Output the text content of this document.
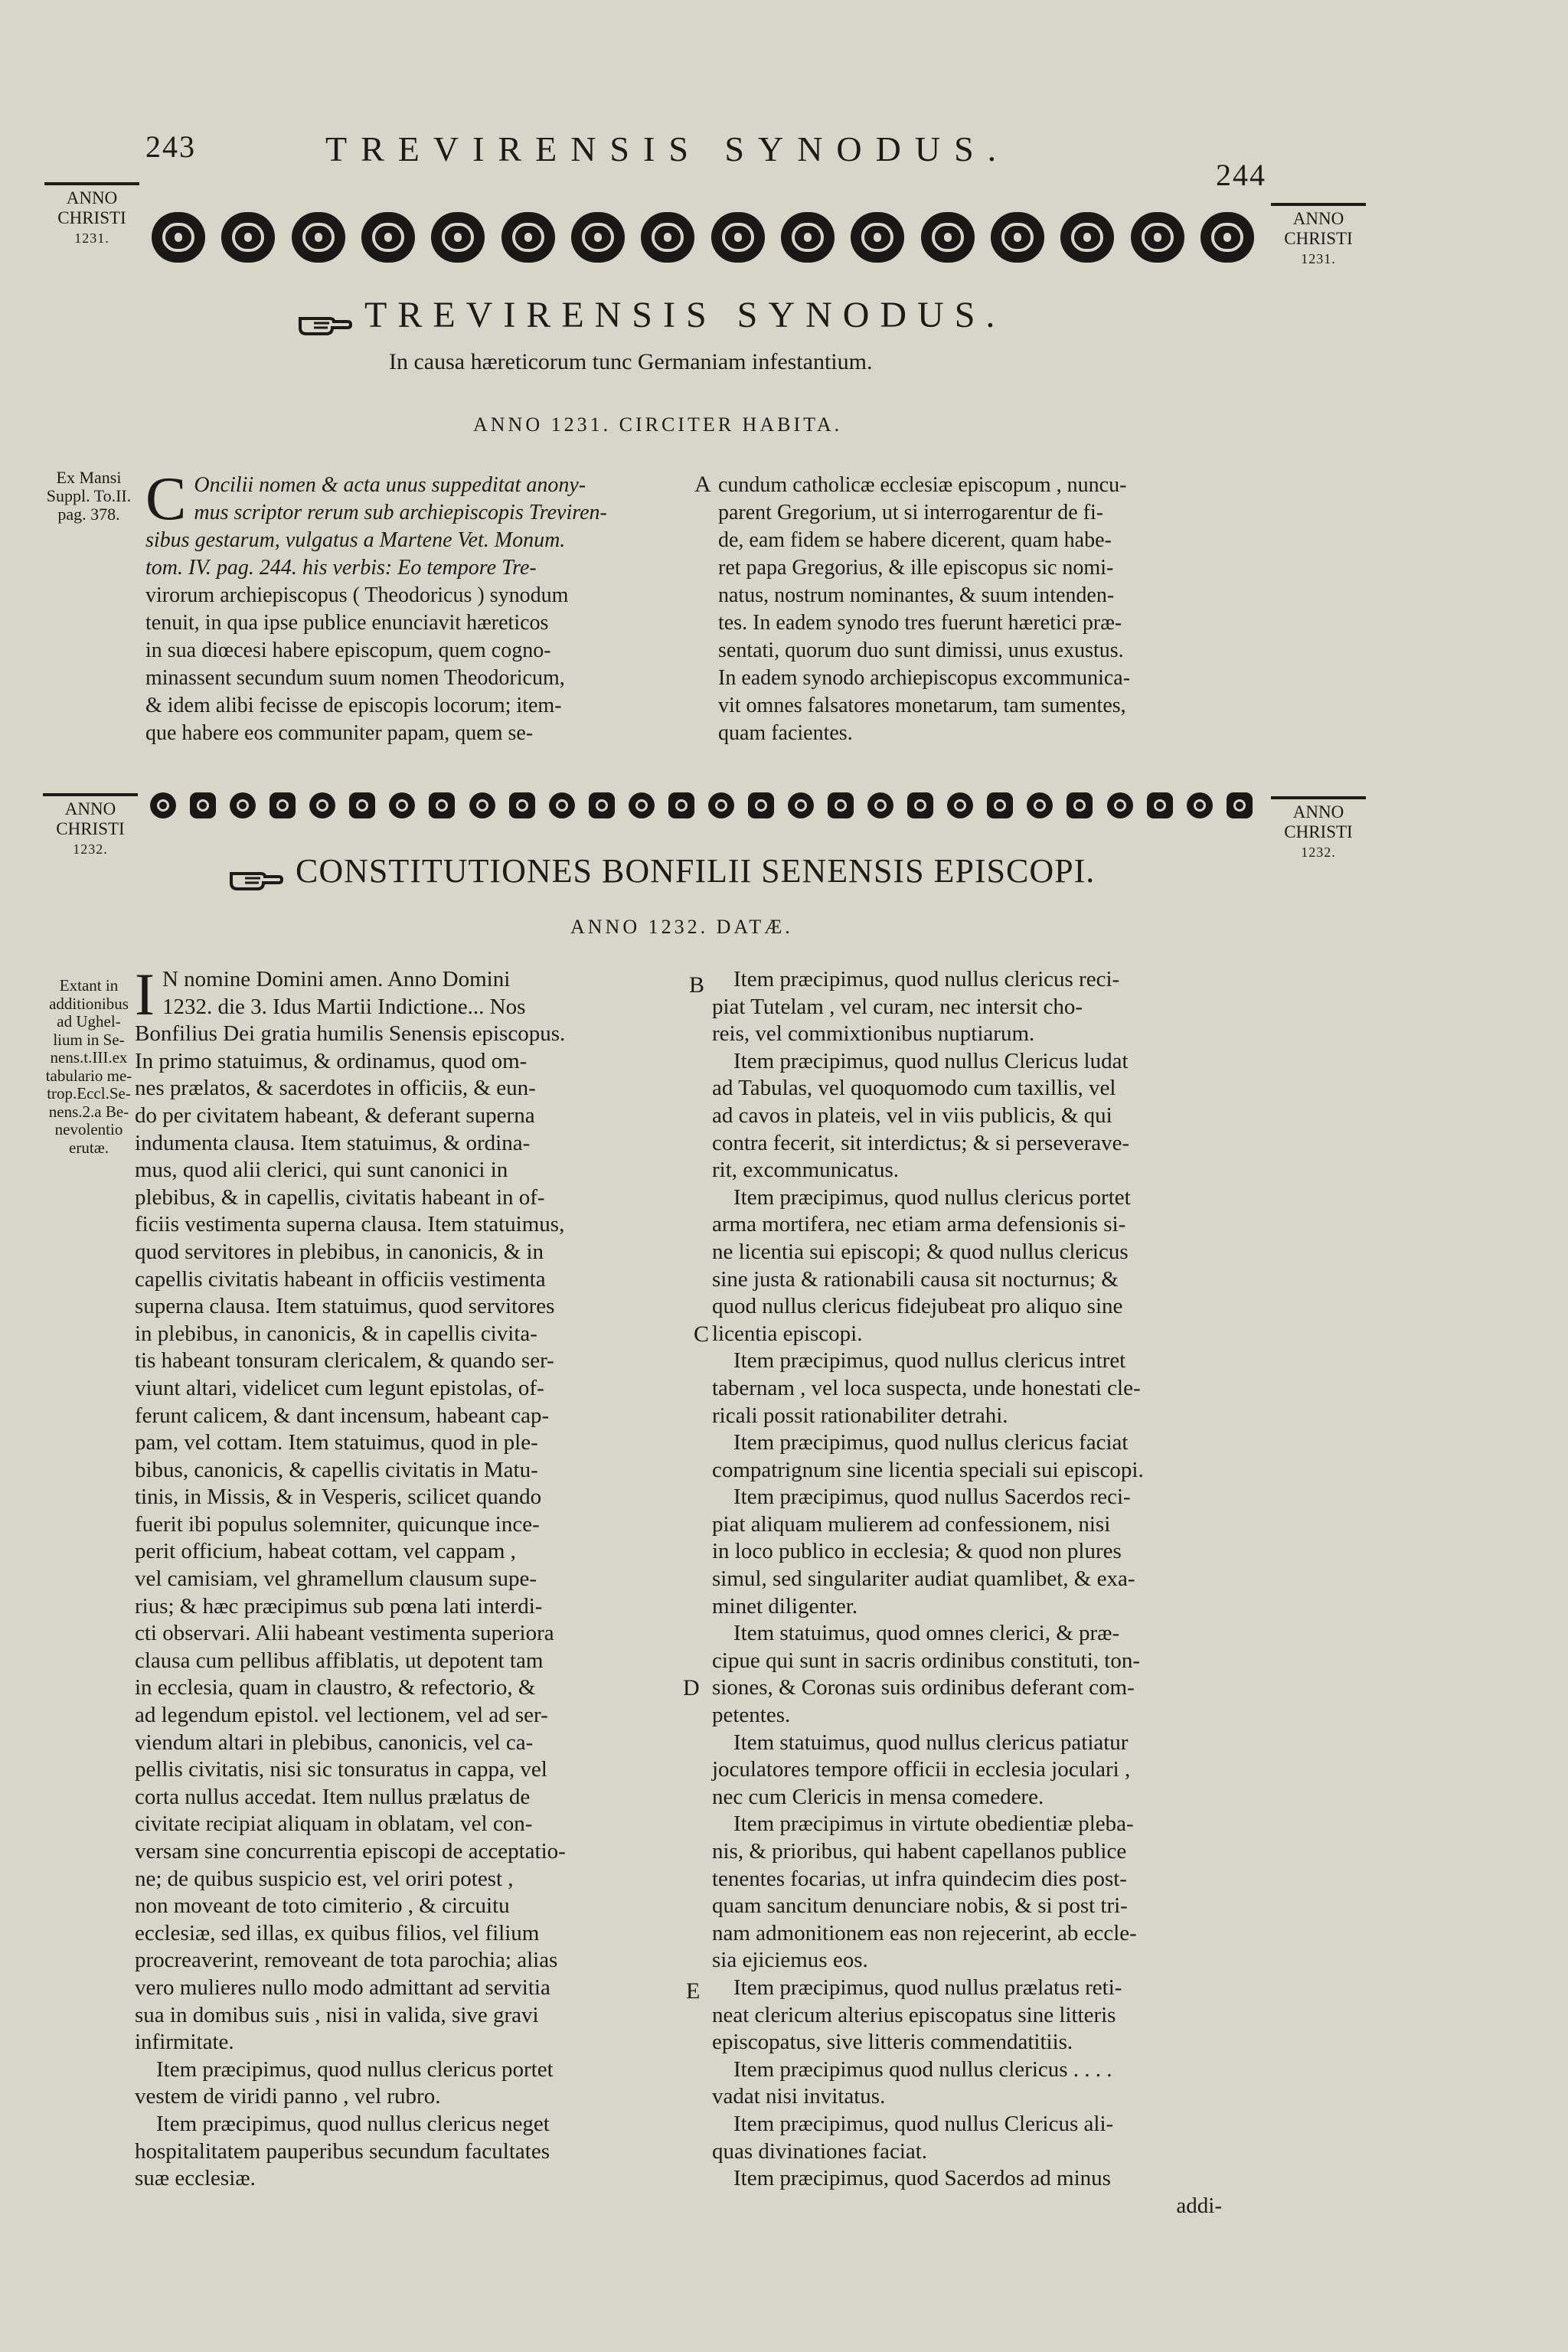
243	TREVIRENSIS SYNODUS.
244
ANNO
CHRISTI
1231.
ANNO
CHRISTI
1231.
TREVIRENSIS SYNODUS.
In causa hæreticorum tunc Germaniam infestantium.
ANNO 1231. CIRCITER HABITA.
Ex Mansi
Suppl. To.II.
pag. 378. C Oncilii nomen & acta unus suppeditat anony-
mus scriptor rerum sub archiepiscopis Treviren-
sibus gestarum, vulgatus a Martene Vet. Monum.
tom. IV. pag. 244. his verbis: Eo tempore Tre-
virorum archiepiscopus ( Theodoricus ) synodum
tenuit, in qua ipse publice enunciavit hæreticos
in sua diœcesi habere episcopum, quem cogno-
minassent secundum suum nomen Theodoricum,
& idem alibi fecisse de episcopis locorum; item-
que habere eos communiter papam, quem se-
A cundum catholicæ ecclesiæ episcopum , nuncu-
parent Gregorium, ut si interrogarentur de fi-
de, eam fidem se habere dicerent, quam habe-
ret papa Gregorius, & ille episcopus sic nomi-
natus, nostrum nominantes, & suum intenden-
tes. In eadem synodo tres fuerunt hæretici præ-
sentati, quorum duo sunt dimissi, unus exustus.
In eadem synodo archiepiscopus excommunica-
vit omnes falsatores monetarum, tam sumentes,
quam facientes.
ANNO
CHRISTI
1232.
ANNO
CHRISTI
1232.
CONSTITUTIONES BONFILII SENENSIS EPISCOPI.
ANNO 1232. DATÆ.
Extant in
additionibus
ad Ughel-
lium in Se-
nens.t.III.ex
tabulario me-
trop.Eccl.Se-
nens.2.a Be-
nevolentio
erutæ.
I N nomine Domini amen. Anno Domini
1232. die 3. Idus Martii Indictione... Nos
Bonfilius Dei gratia humilis Senensis episcopus.
In primo statuimus, & ordinamus, quod om-
nes prælatos, & sacerdotes in officiis, & eun-
do per civitatem habeant, & deferant superna
indumenta clausa. Item statuimus, & ordina-
mus, quod alii clerici, qui sunt canonici in
plebibus, & in capellis, civitatis habeant in of-
ficiis vestimenta superna clausa. Item statuimus,
quod servitores in plebibus, in canonicis, & in
capellis civitatis habeant in officiis vestimenta
superna clausa. Item statuimus, quod servitores
in plebibus, in canonicis, & in capellis civita-
tis habeant tonsuram clericalem, & quando ser-
viunt altari, videlicet cum legunt epistolas, of-
ferunt calicem, & dant incensum, habeant cap-
pam, vel cottam. Item statuimus, quod in ple-
bibus, canonicis, & capellis civitatis in Matu-
tinis, in Missis, & in Vesperis, scilicet quando
fuerit ibi populus solemniter, quicunque ince-
perit officium, habeat cottam, vel cappam ,
vel camisiam, vel ghramellum clausum supe-
rius; & hæc præcipimus sub pœna lati interdi-
cti observari. Alii habeant vestimenta superiora
clausa cum pellibus affiblatis, ut depotent tam
in ecclesia, quam in claustro, & refectorio, &
ad legendum epistol. vel lectionem, vel ad ser-
viendum altari in plebibus, canonicis, vel ca-
pellis civitatis, nisi sic tonsuratus in cappa, vel
corta nullus accedat. Item nullus prælatus de
civitate recipiat aliquam in oblatam, vel con-
versam sine concurrentia episcopi de acceptatio-
ne; de quibus suspicio est, vel oriri potest ,
non moveant de toto cimiterio , & circuitu
ecclesiæ, sed illas, ex quibus filios, vel filium
procreaverint, removeant de tota parochia; alias
vero mulieres nullo modo admittant ad servitia
sua in domibus suis , nisi in valida, sive gravi
infirmitate.
Item præcipimus, quod nullus clericus portet
vestem de viridi panno , vel rubro.
Item præcipimus, quod nullus clericus neget
hospitalitatem pauperibus secundum facultates
suæ ecclesiæ.
B
C
D
E
Item præcipimus, quod nullus clericus reci-
piat Tutelam , vel curam, nec intersit cho-
reis, vel commixtionibus nuptiarum.
Item præcipimus, quod nullus Clericus ludat
ad Tabulas, vel quoquomodo cum taxillis, vel
ad cavos in plateis, vel in viis publicis, & qui
contra fecerit, sit interdictus; & si perseveravе-
rit, excommunicatus.
Item præcipimus, quod nullus clericus portet
arma mortifera, nec etiam arma defensionis si-
ne licentia sui episcopi; & quod nullus clericus
sine justa & rationabili causa sit nocturnus; &
quod nullus clericus fidejubeat pro aliquo sine
licentia episcopi.
Item præcipimus, quod nullus clericus intret
tabernam , vel loca suspecta, unde honestati cle-
ricali possit rationabiliter detrahi.
Item præcipimus, quod nullus clericus faciat
compatrignum sine licentia speciali sui episcopi.
Item præcipimus, quod nullus Sacerdos reci-
piat aliquam mulierem ad confessionem, nisi
in loco publico in ecclesia; & quod non plures
simul, sed singulariter audiat quamlibet, & exa-
minet diligenter.
Item statuimus, quod omnes clerici, & præ-
cipue qui sunt in sacris ordinibus constituti, ton-
siones, & Coronas suis ordinibus deferant com-
petentes.
Item statuimus, quod nullus clericus patiatur
joculatores tempore officii in ecclesia joculari ,
nec cum Clericis in mensa comedere.
Item præcipimus in virtute obedientiæ pleba-
nis, & prioribus, qui habent capellanos publice
tenentes focarias, ut infra quindecim dies post-
quam sancitum denunciare nobis, & si post tri-
nam admonitionem eas non rejecerint, ab eccle-
sia ejiciemus eos.
Item præcipimus, quod nullus prælatus reti-
neat clericum alterius episcopatus sine litteris
episcopatus, sive litteris commendatitiis.
Item præcipimus quod nullus clericus . . . .
vadat nisi invitatus.
Item præcipimus, quod nullus Clericus ali-
quas divinationes faciat.
Item præcipimus, quod Sacerdos ad minus
addi-
